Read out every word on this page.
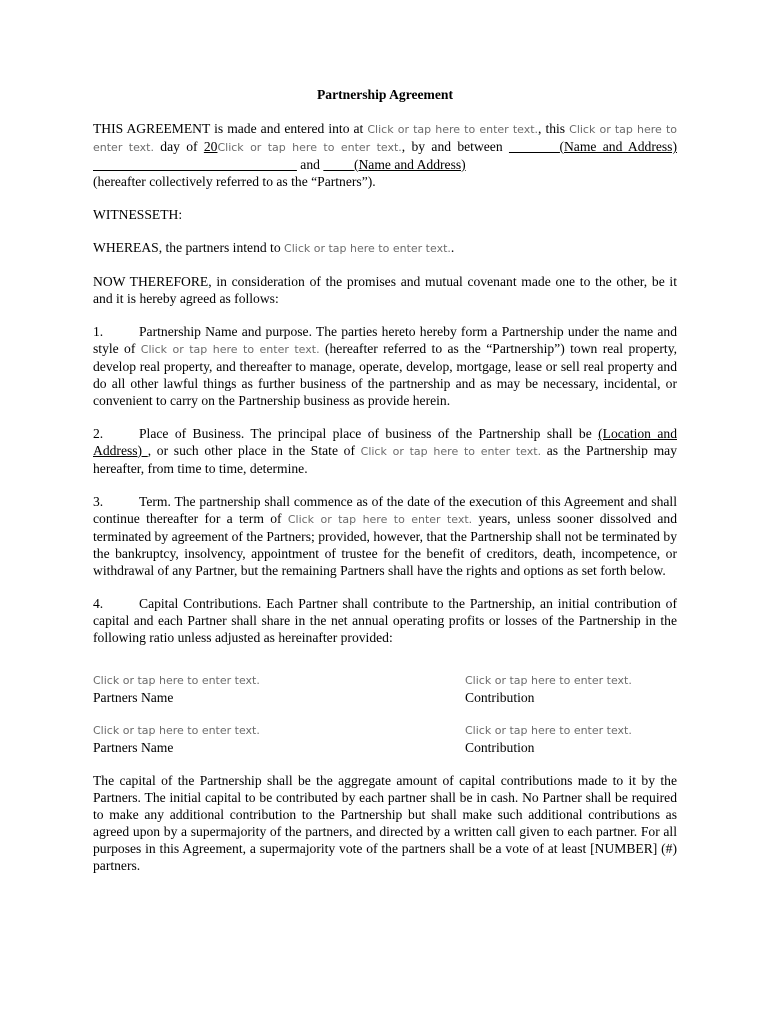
Partnership Agreement

THIS AGREEMENT is made and entered into at Click or tap here to enter text., this Click or tap here to enter text. day of 20Click or tap here to enter text., by and between	(Name and Address)                                                             and          (Name and Address)
(hereafter collectively referred to as the “Partners”).

WITNESSETH:

WHEREAS, the partners intend to Click or tap here to enter text..

NOW THEREFORE, in consideration of the promises and mutual covenant made one to the other, be it and it is hereby agreed as follows:

1.	Partnership Name and purpose. The parties hereto hereby form a Partnership under the name and style of Click or tap here to enter text. (hereafter referred to as the “Partnership”) town real property, develop real property, and thereafter to manage, operate, develop, mortgage, lease or sell real property and do all other lawful things as further business of the partnership and as may be necessary, incidental, or convenient to carry on the Partnership business as provide herein.

2.	Place of Business. The principal place of business of the Partnership shall be (Location and Address) , or such other place in the State of Click or tap here to enter text. as the Partnership may hereafter, from time to time, determine.

3.	Term. The partnership shall commence as of the date of the execution of this Agreement and shall continue thereafter for a term of Click or tap here to enter text. years, unless sooner dissolved and terminated by agreement of the Partners; provided, however, that the Partnership shall not be terminated by the bankruptcy, insolvency, appointment of trustee for the benefit of creditors, death, incompetence, or withdrawal of any Partner, but the remaining Partners shall have the rights and options as set forth below.

4.	Capital Contributions. Each Partner shall contribute to the Partnership, an initial contribution of capital and each Partner shall share in the net annual operating profits or losses of the Partnership in the following ratio unless adjusted as hereinafter provided:

Click or tap here to enter text.
Partners Name
Click or tap here to enter text.
Contribution
Click or tap here to enter text.
Partners Name
Click or tap here to enter text.
Contribution

The capital of the Partnership shall be the aggregate amount of capital contributions made to it by the Partners. The initial capital to be contributed by each partner shall be in cash. No Partner shall be required to make any additional contribution to the Partnership but shall make such additional contributions as agreed upon by a supermajority of the partners, and directed by a written call given to each partner. For all purposes in this Agreement, a supermajority vote of the partners shall be a vote of at least [NUMBER] (#) partners.
